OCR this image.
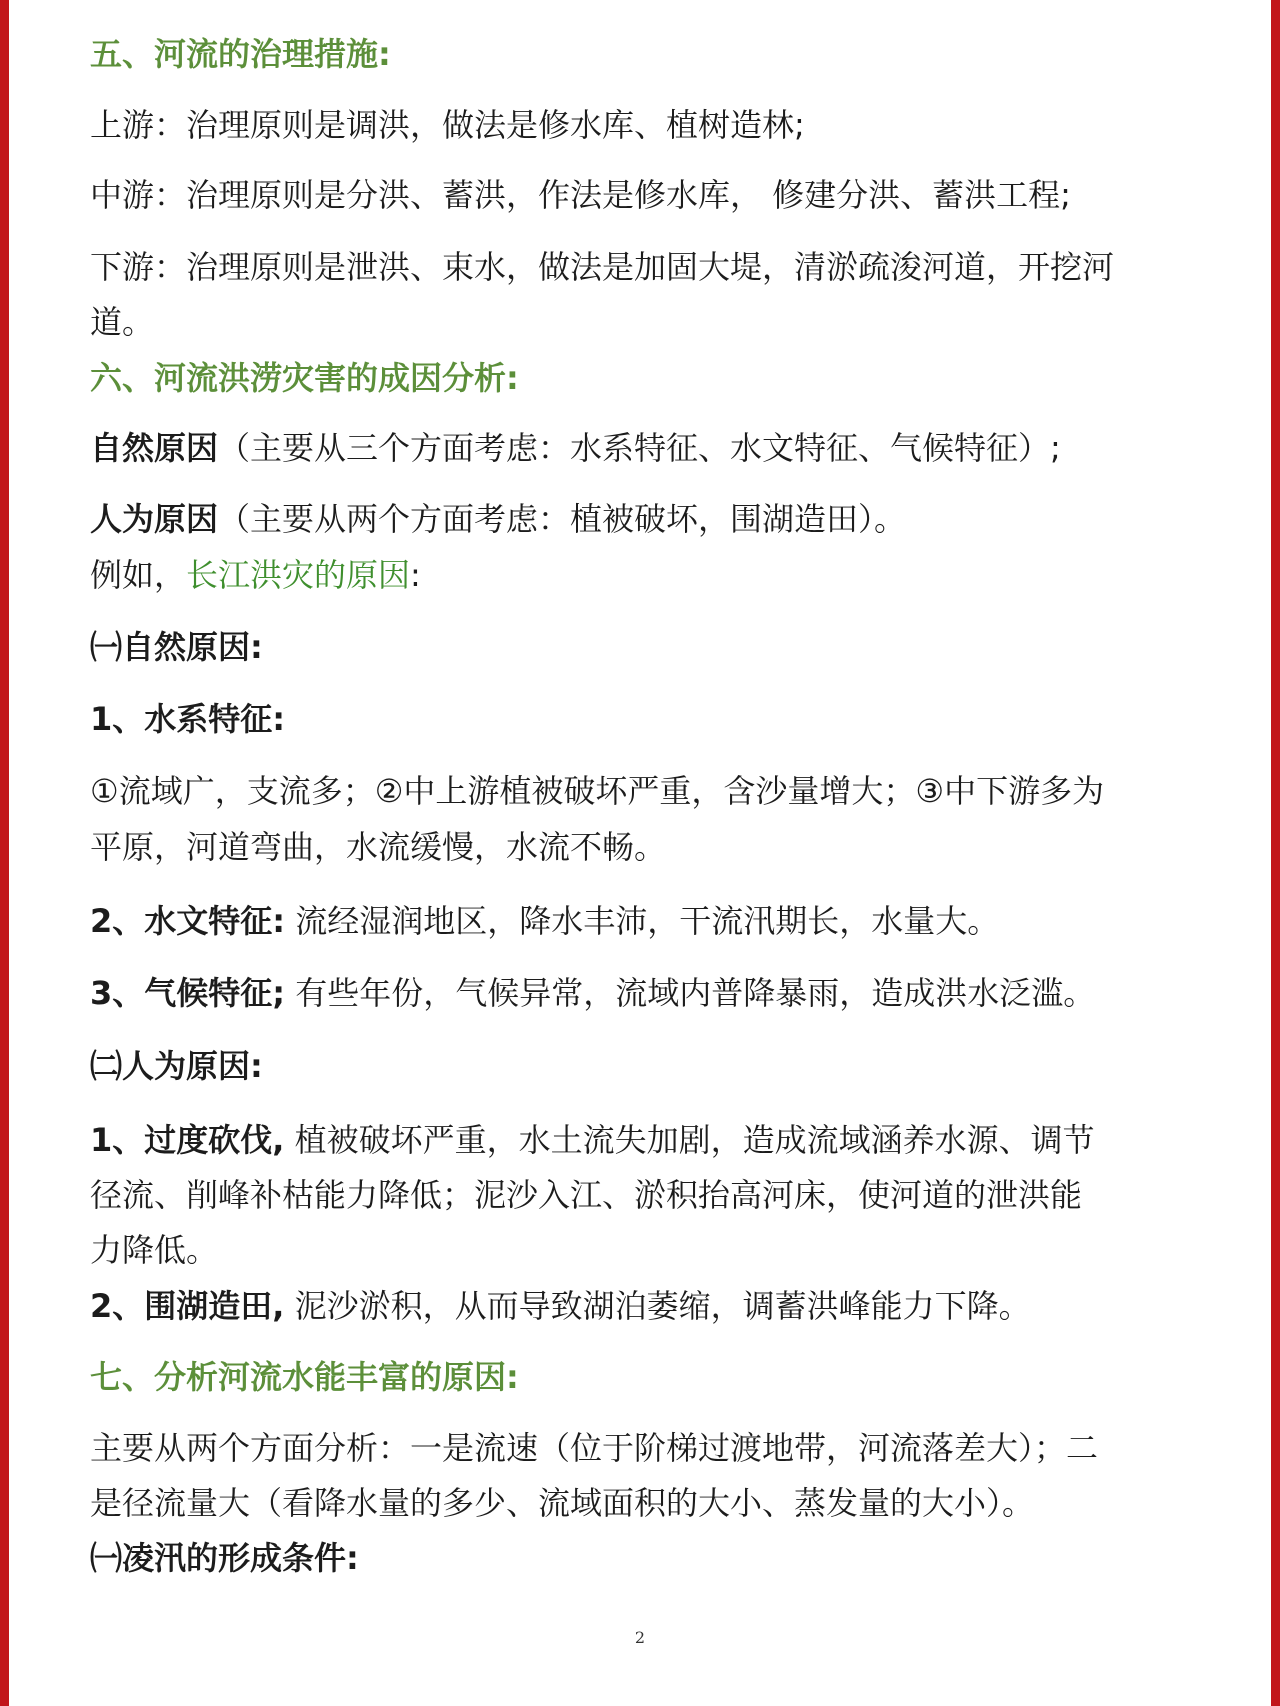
五、河流的治理措施:
上游：治理原则是调洪，做法是修水库、植树造林;
中游：治理原则是分洪、蓄洪，作法是修水库， 修建分洪、蓄洪工程;
下游：治理原则是泄洪、束水，做法是加固大堤，清淤疏浚河道，开挖河
道。
六、河流洪涝灾害的成因分析:
自然原因（主要从三个方面考虑：水系特征、水文特征、气候特征）;
人为原因（主要从两个方面考虑：植被破坏，围湖造田）。
例如，长江洪灾的原因:
㈠自然原因:
1、水系特征:
①流域广，支流多；②中上游植被破坏严重，含沙量增大；③中下游多为
平原，河道弯曲，水流缓慢，水流不畅。
2、水文特征: 流经湿润地区，降水丰沛，干流汛期长，水量大。
3、气候特征; 有些年份，气候异常，流域内普降暴雨，造成洪水泛滥。
㈡人为原因:
1、过度砍伐, 植被破坏严重，水土流失加剧，造成流域涵养水源、调节
径流、削峰补枯能力降低；泥沙入江、淤积抬高河床，使河道的泄洪能
力降低。
2、围湖造田, 泥沙淤积，从而导致湖泊萎缩，调蓄洪峰能力下降。
七、分析河流水能丰富的原因:
主要从两个方面分析：一是流速（位于阶梯过渡地带，河流落差大）；二
是径流量大（看降水量的多少、流域面积的大小、蒸发量的大小）。
㈠凌汛的形成条件:
2
